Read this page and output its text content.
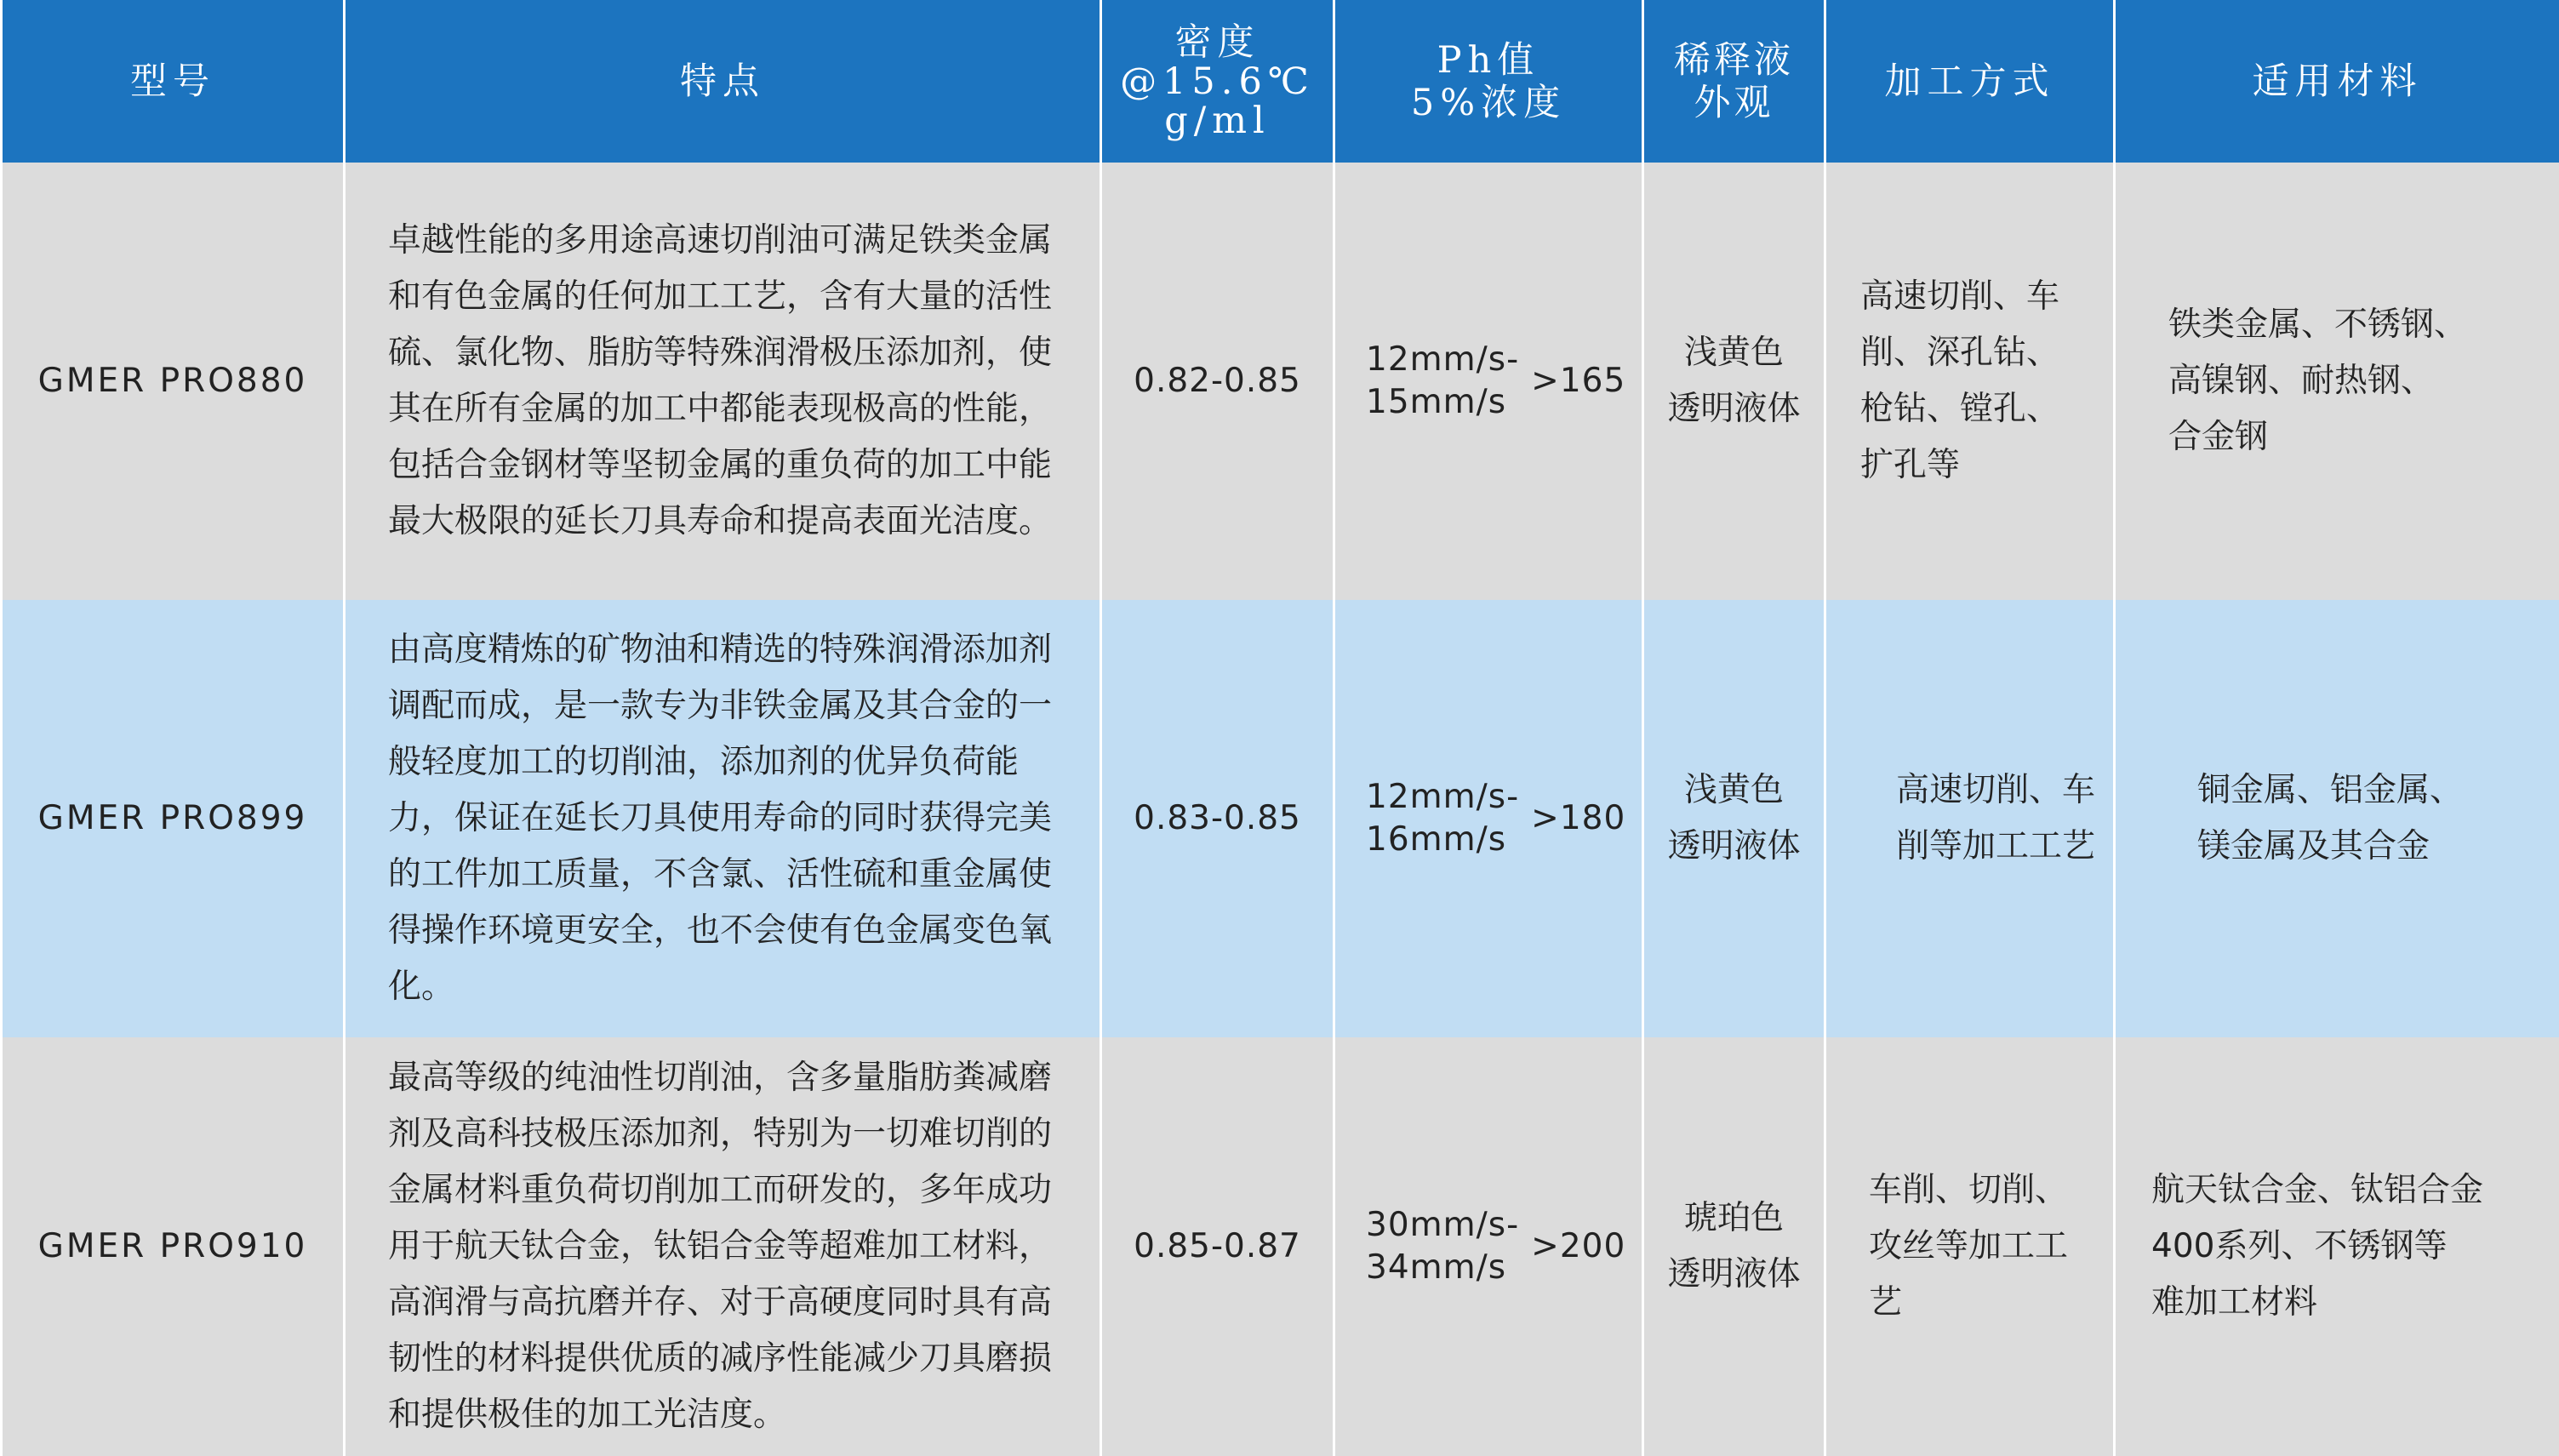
型号	特点	密度
@15.6℃
g/ml	Ph值
5%浓度	稀释液
外观	加工方式	适用材料
GMER PRO880	卓越性能的多用途高速切削油可满足铁类金属和有色金属的任何加工工艺，含有大量的活性硫、氯化物、脂肪等特殊润滑极压添加剂，使其在所有金属的加工中都能表现极高的性能，包括合金钢材等坚韧金属的重负荷的加工中能最大极限的延长刀具寿命和提高表面光洁度。	0.82-0.85	12mm/s-
15mm/s
>165	浅黄色
透明液体	高速切削、车
削、深孔钻、
枪钻、镗孔、
扩孔等	铁类金属、不锈钢、
高镍钢、耐热钢、
合金钢
GMER PRO899	由高度精炼的矿物油和精选的特殊润滑添加剂调配而成，是一款专为非铁金属及其合金的一般轻度加工的切削油，添加剂的优异负荷能力，保证在延长刀具使用寿命的同时获得完美的工件加工质量，不含氯、活性硫和重金属使得操作环境更安全，也不会使有色金属变色氧化。	0.83-0.85	12mm/s-
16mm/s
>180	浅黄色
透明液体	高速切削、车
削等加工工艺	铜金属、铝金属、
镁金属及其合金
GMER PRO910	最高等级的纯油性切削油，含多量脂肪粪减磨剂及高科技极压添加剂，特别为一切难切削的金属材料重负荷切削加工而研发的，多年成功用于航天钛合金，钛铝合金等超难加工材料，高润滑与高抗磨并存、对于高硬度同时具有高韧性的材料提供优质的减序性能减少刀具磨损和提供极佳的加工光洁度。	0.85-0.87	30mm/s-
34mm/s
>200	琥珀色
透明液体	车削、切削、
攻丝等加工工艺	航天钛合金、钛铝合金
400系列、不锈钢等
难加工材料
